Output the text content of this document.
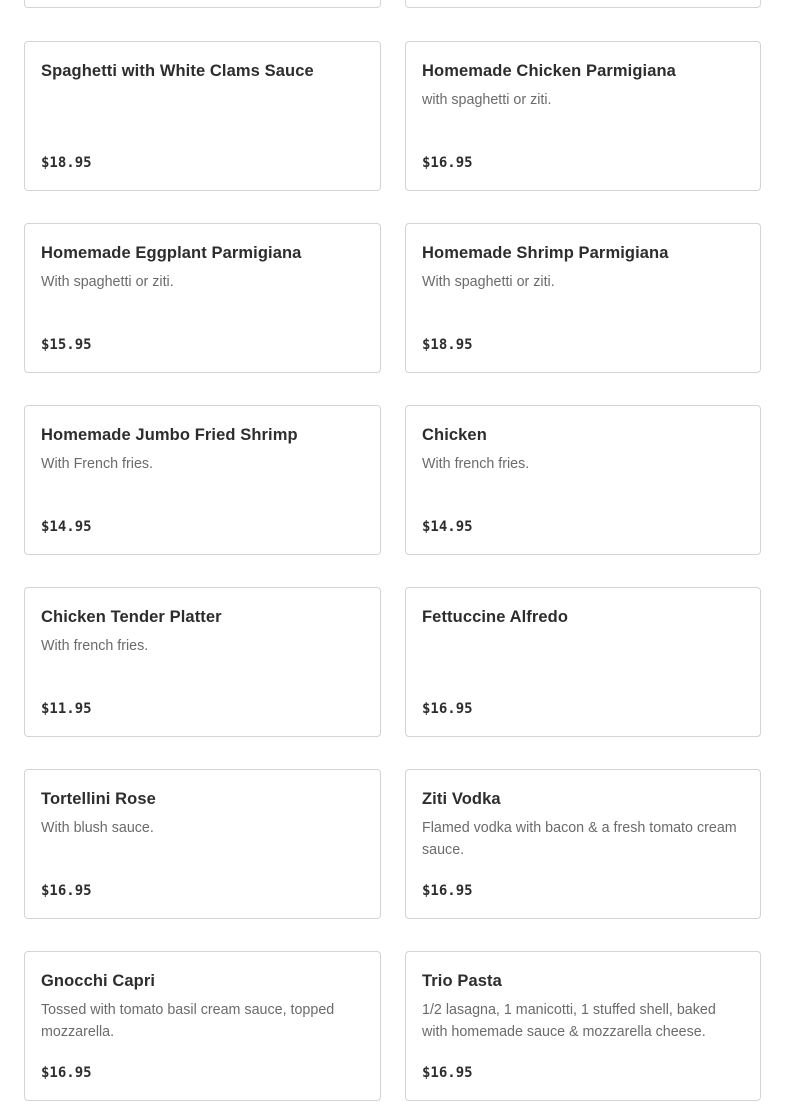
Spaghetti with White Clams Sauce
$18.95
Homemade Chicken Parmigiana
with spaghetti or ziti.
$16.95
Homemade Eggplant Parmigiana
With spaghetti or ziti.
$15.95
Homemade Shrimp Parmigiana
With spaghetti or ziti.
$18.95
Homemade Jumbo Fried Shrimp
With French fries.
$14.95
Chicken
With french fries.
$14.95
Chicken Tender Platter
With french fries.
$11.95
Fettuccine Alfredo
$16.95
Tortellini Rose
With blush sauce.
$16.95
Ziti Vodka
Flamed vodka with bacon & a fresh tomato cream sauce.
$16.95
Gnocchi Capri
Tossed with tomato basil cream sauce, topped mozzarella.
$16.95
Trio Pasta
1/2 lasagna, 1 manicotti, 1 stuffed shell, baked with homemade sauce & mozzarella cheese.
$16.95
